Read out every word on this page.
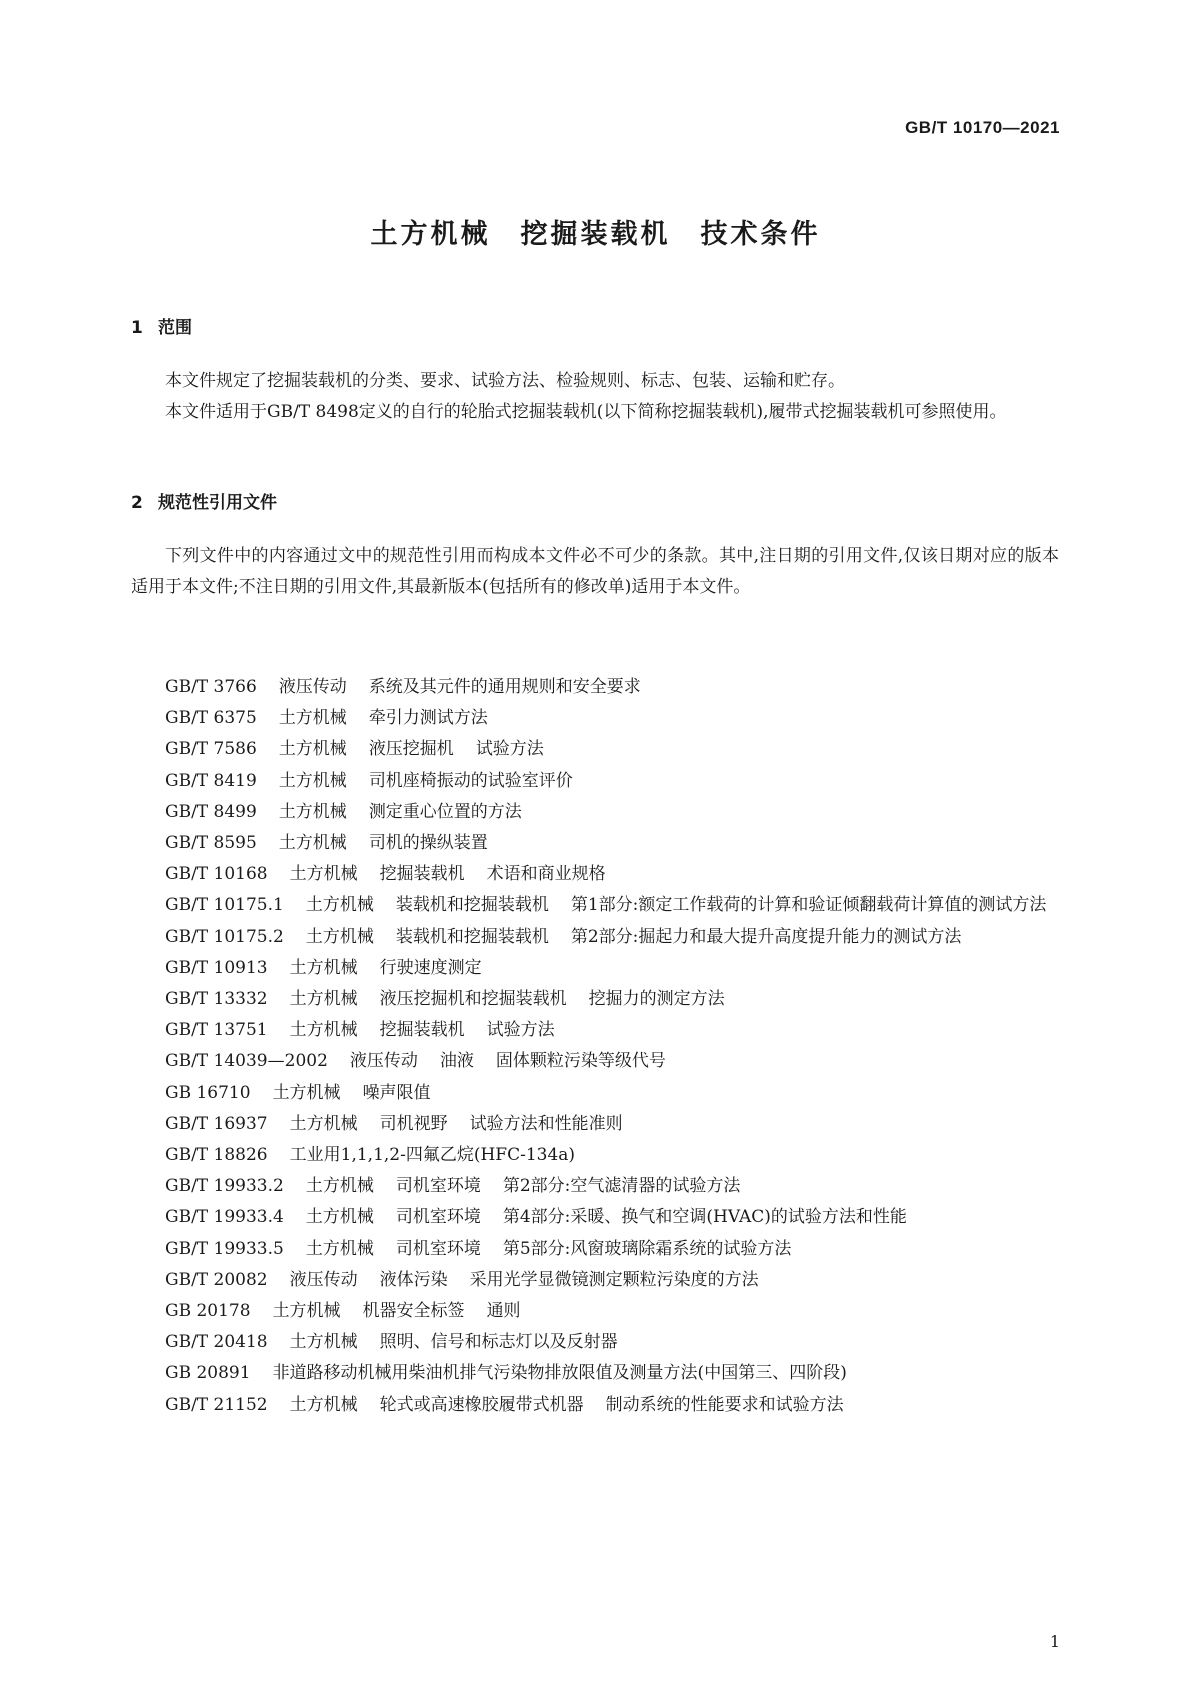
GB/T 10170—2021
土方机械 挖掘装载机 技术条件
1 范围

本文件规定了挖掘装载机的分类、要求、试验方法、检验规则、标志、包装、运输和贮存。

本文件适用于GB/T 8498定义的自行的轮胎式挖掘装载机(以下简称挖掘装载机),履带式挖掘装载机可参照使用。

2 规范性引用文件

下列文件中的内容通过文中的规范性引用而构成本文件必不可少的条款。其中,注日期的引用文件,仅该日期对应的版本适用于本文件;不注日期的引用文件,其最新版本(包括所有的修改单)适用于本文件。

GB/T 3766 液压传动 系统及其元件的通用规则和安全要求
GB/T 6375 土方机械 牵引力测试方法
GB/T 7586 土方机械 液压挖掘机 试验方法
GB/T 8419 土方机械 司机座椅振动的试验室评价
GB/T 8499 土方机械 测定重心位置的方法
GB/T 8595 土方机械 司机的操纵装置
GB/T 10168 土方机械 挖掘装载机 术语和商业规格
GB/T 10175.1 土方机械 装载机和挖掘装载机 第1部分:额定工作载荷的计算和验证倾翻载荷计算值的测试方法
GB/T 10175.2 土方机械 装载机和挖掘装载机 第2部分:掘起力和最大提升高度提升能力的测试方法
GB/T 10913 土方机械 行驶速度测定
GB/T 13332 土方机械 液压挖掘机和挖掘装载机 挖掘力的测定方法
GB/T 13751 土方机械 挖掘装载机 试验方法
GB/T 14039—2002 液压传动 油液 固体颗粒污染等级代号
GB 16710 土方机械 噪声限值
GB/T 16937 土方机械 司机视野 试验方法和性能准则
GB/T 18826 工业用1,1,1,2-四氟乙烷(HFC-134a)
GB/T 19933.2 土方机械 司机室环境 第2部分:空气滤清器的试验方法
GB/T 19933.4 土方机械 司机室环境 第4部分:采暖、换气和空调(HVAC)的试验方法和性能
GB/T 19933.5 土方机械 司机室环境 第5部分:风窗玻璃除霜系统的试验方法
GB/T 20082 液压传动 液体污染 采用光学显微镜测定颗粒污染度的方法
GB 20178 土方机械 机器安全标签 通则
GB/T 20418 土方机械 照明、信号和标志灯以及反射器
GB 20891 非道路移动机械用柴油机排气污染物排放限值及测量方法(中国第三、四阶段)
GB/T 21152 土方机械 轮式或高速橡胶履带式机器 制动系统的性能要求和试验方法
1
